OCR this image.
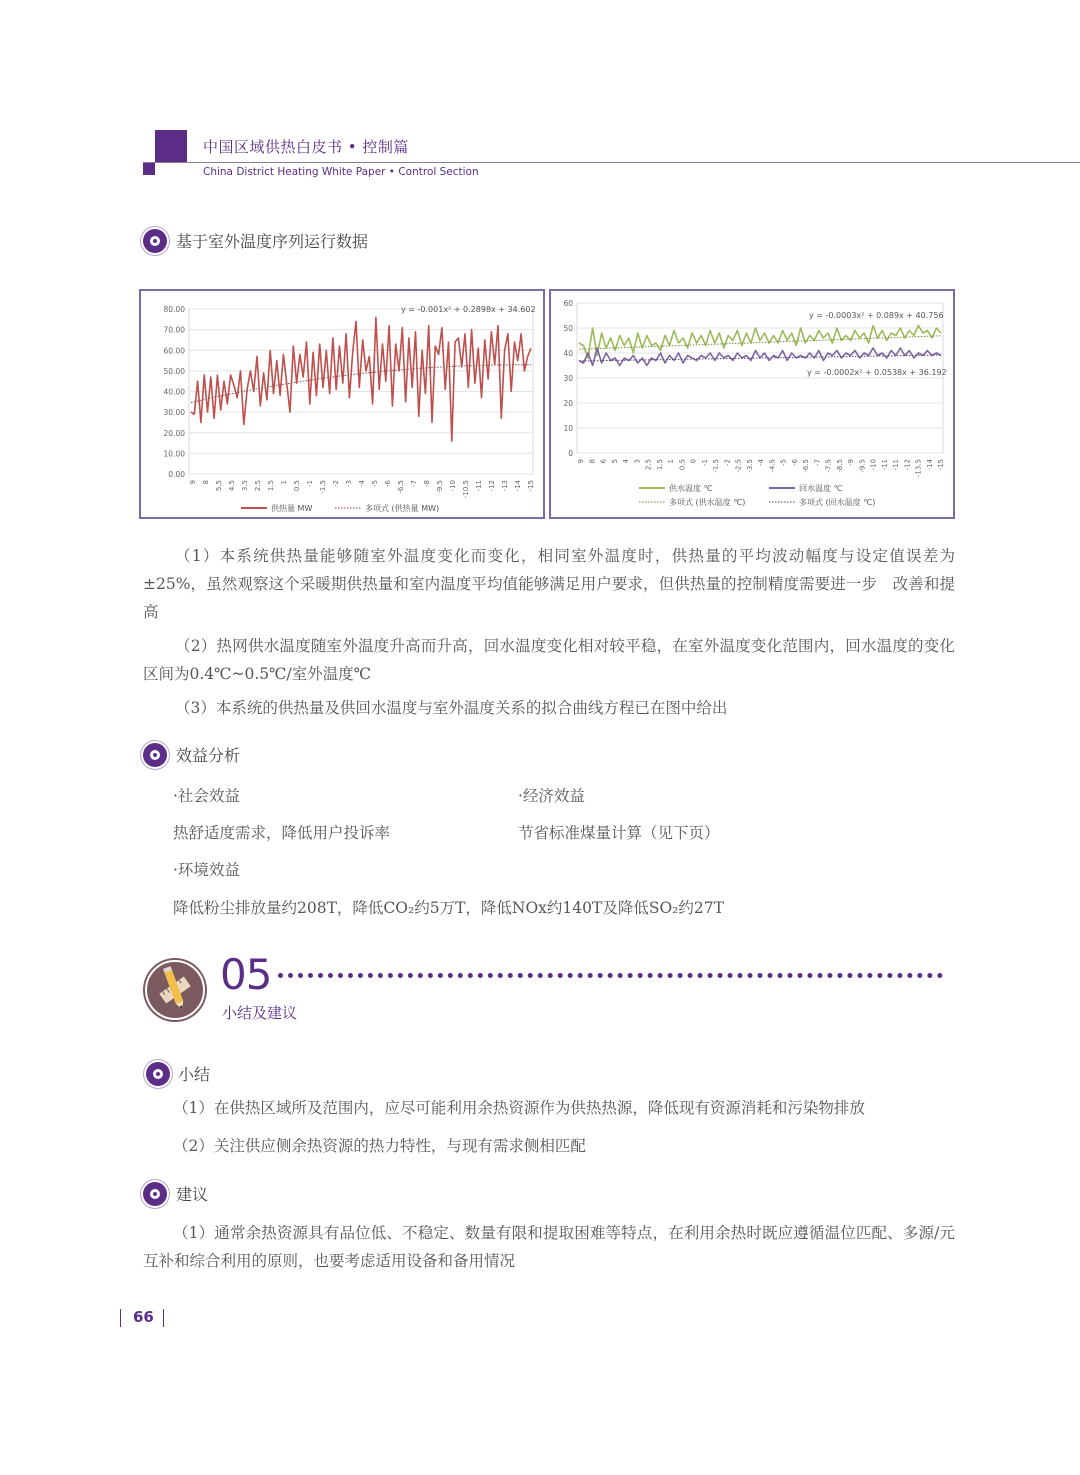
中国区域供热白皮书 • 控制篇
China District Heating White Paper • Control Section
基于室外温度序列运行数据
80.00
70.00
60.00
50.00
40.00
30.00
20.00
10.00
0.00
9 8 5.5 4.5 3.5 2.5 1.5 1 0.5 -1 -1.5 -2 -3 -4 -5 -6 -6.5 -7 -8 -9.5 -10 -10.5 -11 -12 -13 -14 -15
y = -0.001x² + 0.2898x + 34.602
供热量 MW	多项式 (供热量 MW)
60
50
40
30
20
10
0
9 8 6 5 4 3 2.5 1.5 1 0.5 0 -1 -1.5 -2 -2.5 -3.5 -4 -4.5 -5 -6 -6.5 -7 -7.5 -8.5 -9 -9.5 -10 -11 -11 -12 -13.5 -14 -15
y = -0.0003x² + 0.089x + 40.756
y = -0.0002x² + 0.0538x + 36.192
供水温度 ℃	回水温度 ℃
多项式 (供水温度 ℃)	多项式 (回水温度 ℃)
（1）本系统供热量能够随室外温度变化而变化，相同室外温度时，供热量的平均波动幅度与设定值误差为±25%，虽然观察这个采暖期供热量和室内温度平均值能够满足用户要求，但供热量的控制精度需要进一步　改善和提高
（2）热网供水温度随室外温度升高而升高，回水温度变化相对较平稳，在室外温度变化范围内，回水温度的变化区间为0.4℃~0.5℃/室外温度℃
（3）本系统的供热量及供回水温度与室外温度关系的拟合曲线方程已在图中给出
效益分析
·社会效益	·经济效益
热舒适度需求，降低用户投诉率	节省标准煤量计算（见下页）
·环境效益
降低粉尘排放量约208T，降低CO₂约5万T，降低NOx约140T及降低SO₂约27T
05
小结及建议
小结
（1）在供热区域所及范围内，应尽可能利用余热资源作为供热热源，降低现有资源消耗和污染物排放
（2）关注供应侧余热资源的热力特性，与现有需求侧相匹配
建议
（1）通常余热资源具有品位低、不稳定、数量有限和提取困难等特点，在利用余热时既应遵循温位匹配、多源/元互补和综合利用的原则，也要考虑适用设备和备用情况
66
